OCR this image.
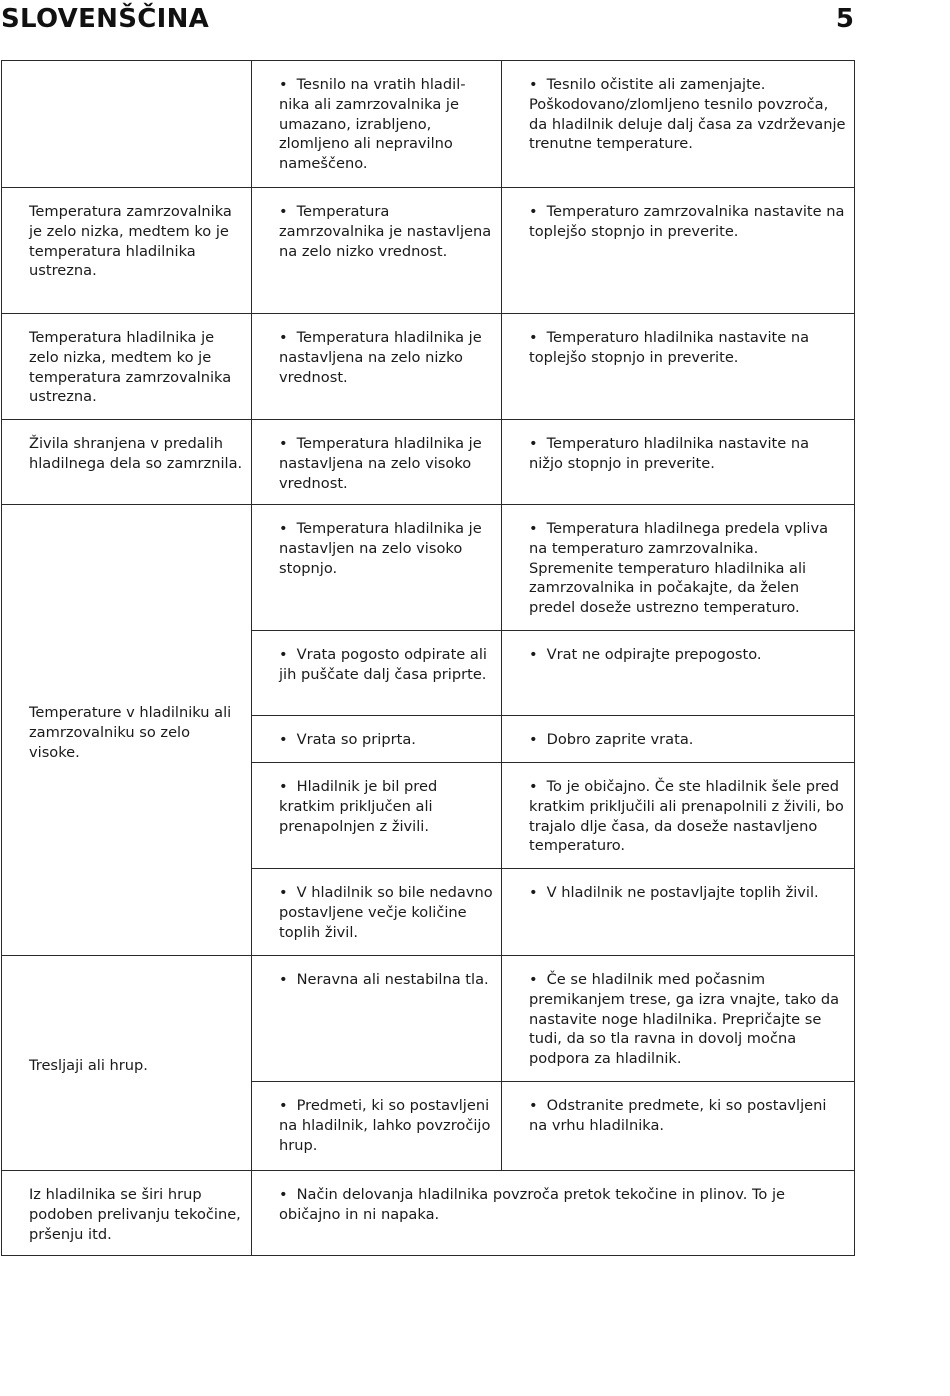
SLOVENŠČINA	5
	• Tesnilo na vratih hladil-nika ali zamrzovalnika je umazano, izrabljeno, zlomljeno ali nepravilno nameščeno.	• Tesnilo očistite ali zamenjajte. Poškodovano/zlomljeno tesnilo povzroča, da hladilnik deluje dalj časa za vzdrževanje trenutne temperature.
Temperatura zamrzovalnika je zelo nizka, medtem ko je temperatura hladilnika ustrezna.	• Temperatura zamrzovalnika je nastavljena na zelo nizko vrednost.	• Temperaturo zamrzovalnika nastavite na toplejšo stopnjo in preverite.
Temperatura hladilnika je zelo nizka, medtem ko je temperatura zamrzovalnika ustrezna.	• Temperatura hladilnika je nastavljena na zelo nizko vrednost.	• Temperaturo hladilnika nastavite na toplejšo stopnjo in preverite.
Živila shranjena v predalih hladilnega dela so zamrznila.	• Temperatura hladilnika je nastavljena na zelo visoko vrednost.	• Temperaturo hladilnika nastavite na nižjo stopnjo in preverite.
Temperature v hladilniku ali zamrzovalniku so zelo visoke.	• Temperatura hladilnika je nastavljen na zelo visoko stopnjo.	• Temperatura hladilnega predela vpliva na temperaturo zamrzovalnika. Spremenite temperaturo hladilnika ali zamrzovalnika in počakajte, da želen predel doseže ustrezno temperaturo.
	• Vrata pogosto odpirate ali jih puščate dalj časa priprte.	• Vrat ne odpirajte prepogosto.
	• Vrata so priprta.	• Dobro zaprite vrata.
	• Hladilnik je bil pred kratkim priključen ali prenapolnjen z živili.	• To je običajno. Če ste hladilnik šele pred kratkim priključili ali prenapolnili z živili, bo trajalo dlje časa, da doseže nastavljeno temperaturo.
	• V hladilnik so bile nedavno postavljene večje količine toplih živil.	• V hladilnik ne postavljajte toplih živil.
Tresljaji ali hrup.	• Neravna ali nestabilna tla.	• Če se hladilnik med počasnim premikanjem trese, ga izra vnajte, tako da nastavite noge hladilnika. Prepričajte se tudi, da so tla ravna in dovolj močna podpora za hladilnik.
	• Predmeti, ki so postavljeni na hladilnik, lahko povzročijo hrup.	• Odstranite predmete, ki so postavljeni na vrhu hladilnika.
Iz hladilnika se širi hrup podoben prelivanju tekočine, pršenju itd.	• Način delovanja hladilnika povzroča pretok tekočine in plinov. To je običajno in ni napaka.	
